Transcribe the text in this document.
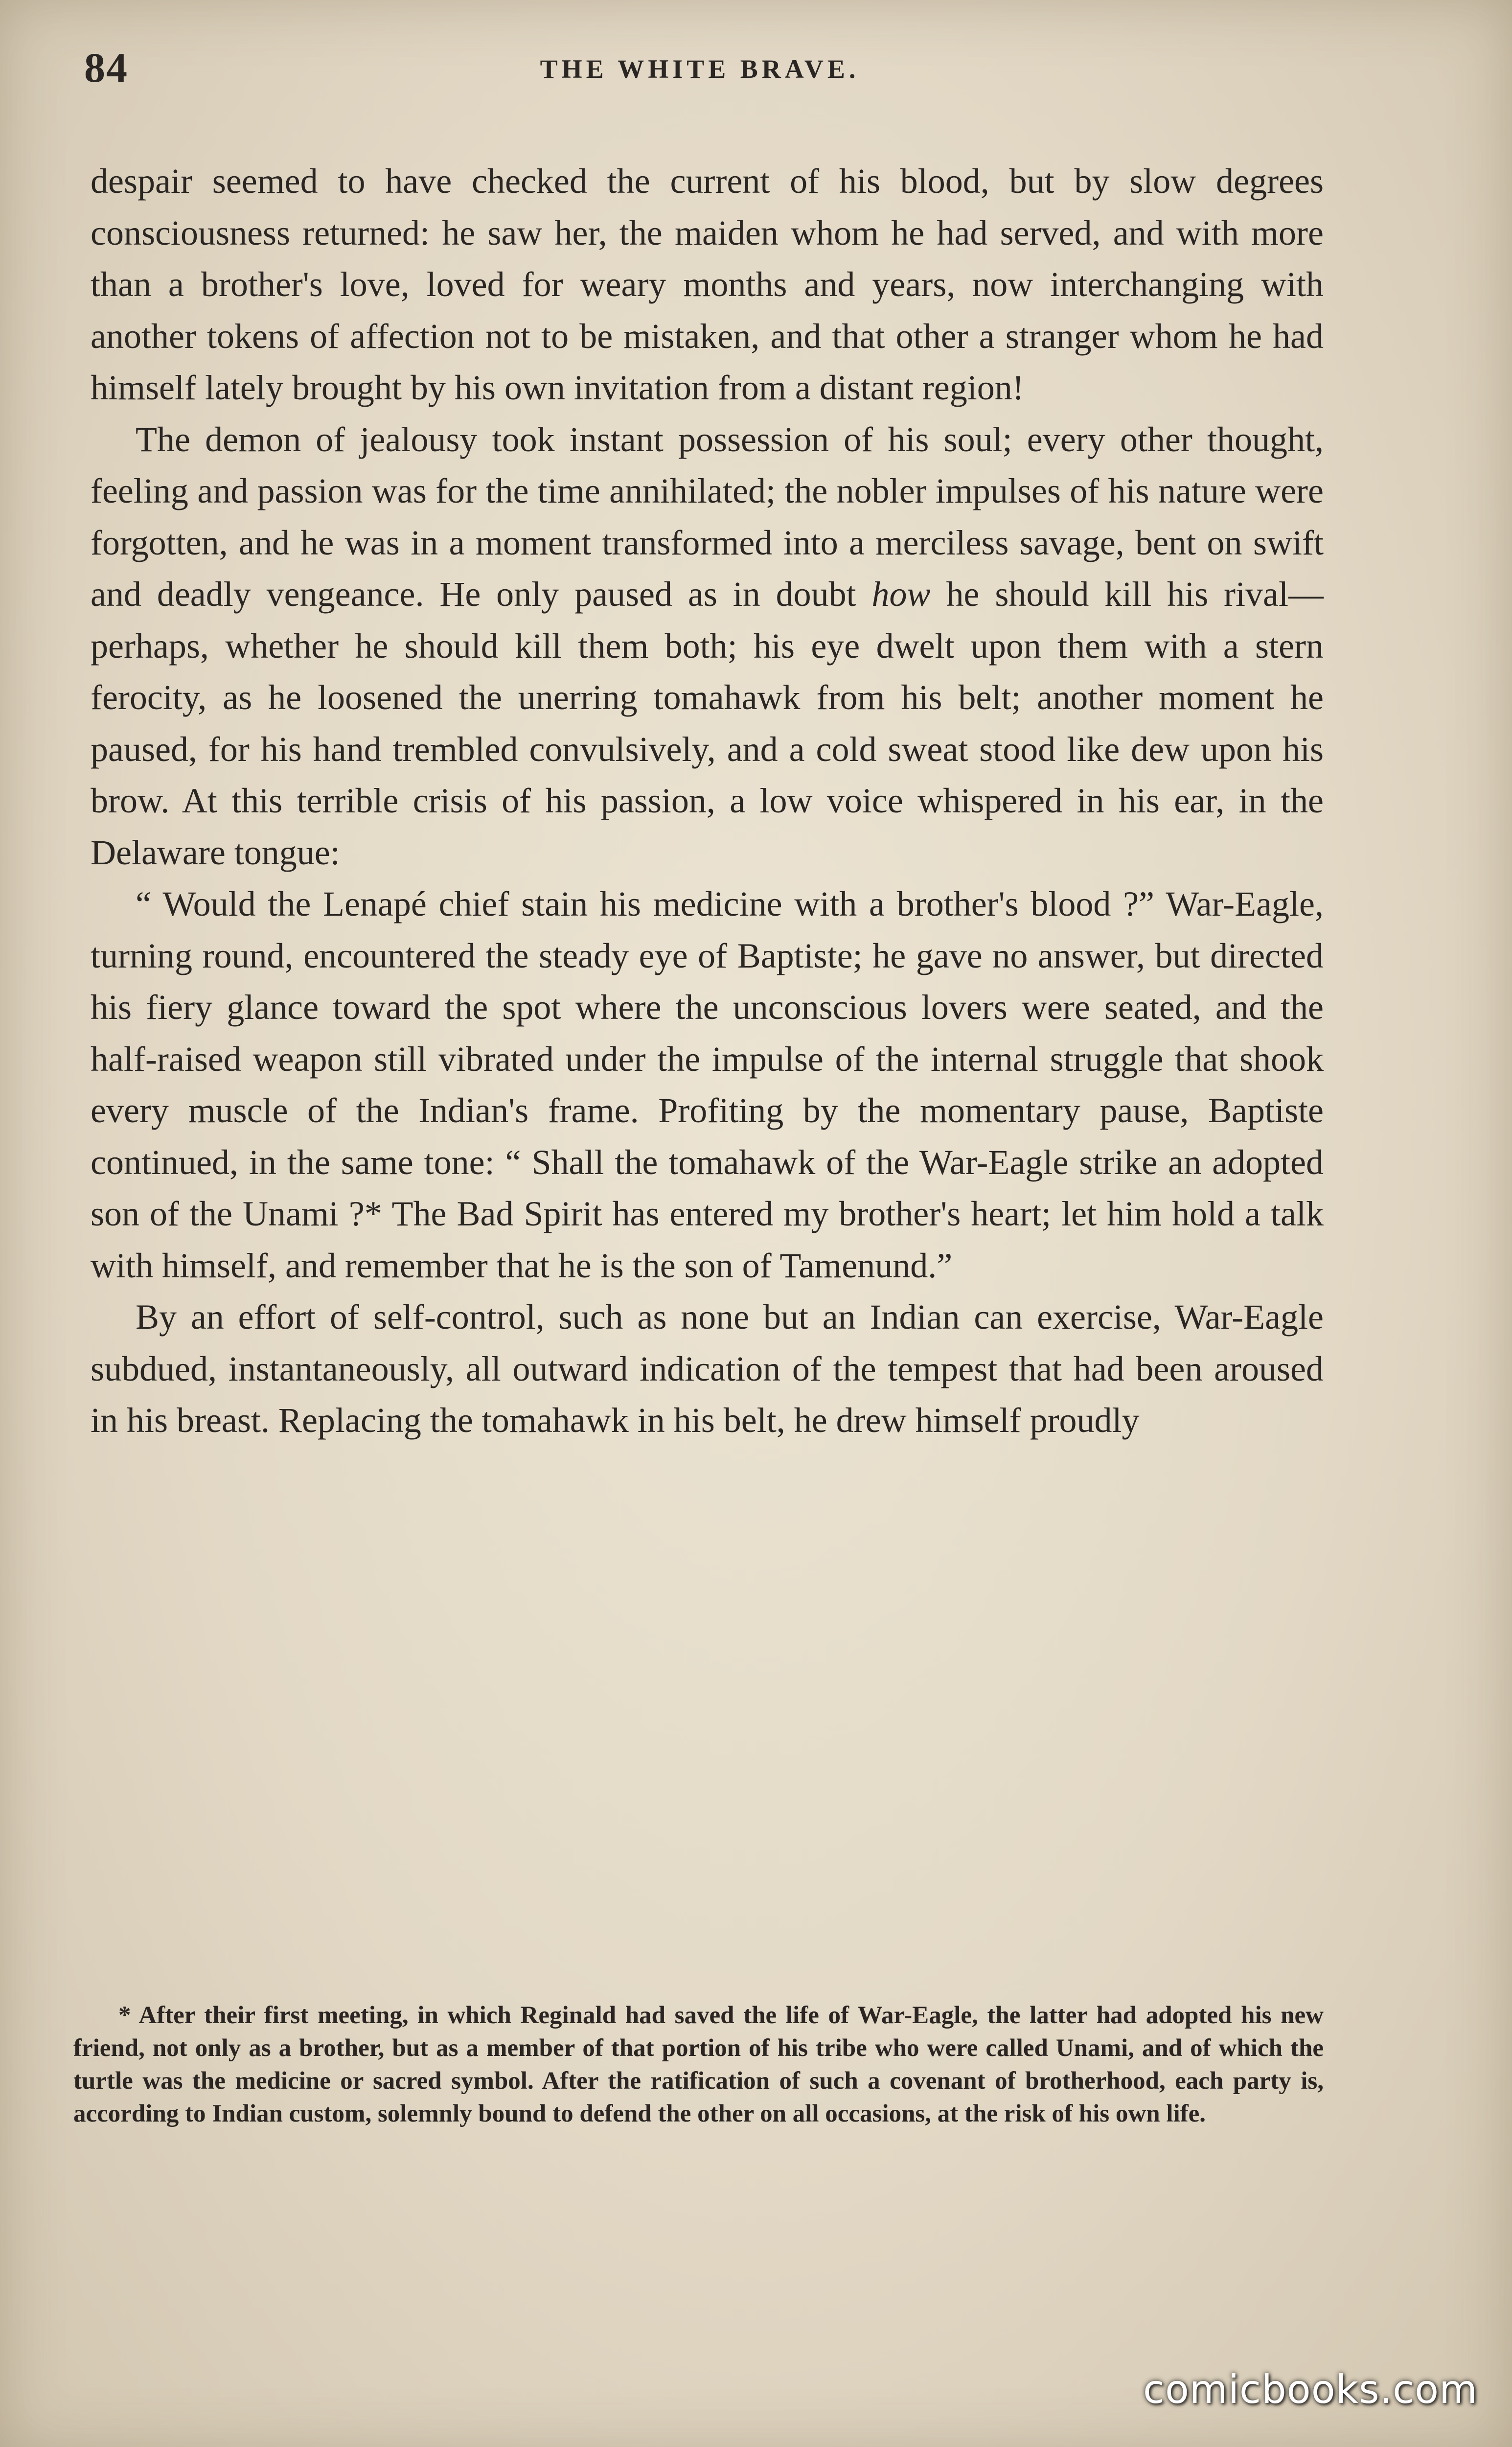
84	THE WHITE BRAVE.

despair seemed to have checked the current of his blood, but by slow degrees consciousness returned: he saw her, the maiden whom he had served, and with more than a brother's love, loved for weary months and years, now interchanging with another tokens of affection not to be mistaken, and that other a stranger whom he had himself lately brought by his own invitation from a distant region!

The demon of jealousy took instant possession of his soul; every other thought, feeling and passion was for the time annihilated; the nobler impulses of his nature were forgotten, and he was in a moment transformed into a merciless savage, bent on swift and deadly vengeance. He only paused as in doubt how he should kill his rival—perhaps, whether he should kill them both; his eye dwelt upon them with a stern ferocity, as he loosened the unerring tomahawk from his belt; another moment he paused, for his hand trembled convulsively, and a cold sweat stood like dew upon his brow. At this terrible crisis of his passion, a low voice whispered in his ear, in the Delaware tongue:

“ Would the Lenapé chief stain his medicine with a brother's blood ?” War-Eagle, turning round, encountered the steady eye of Baptiste; he gave no answer, but directed his fiery glance toward the spot where the unconscious lovers were seated, and the half-raised weapon still vibrated under the impulse of the internal struggle that shook every muscle of the Indian's frame. Profiting by the momentary pause, Baptiste continued, in the same tone: “ Shall the tomahawk of the War-Eagle strike an adopted son of the Unami ?* The Bad Spirit has entered my brother's heart; let him hold a talk with himself, and remember that he is the son of Tamenund.”

By an effort of self-control, such as none but an Indian can exercise, War-Eagle subdued, instantaneously, all outward indication of the tempest that had been aroused in his breast. Replacing the tomahawk in his belt, he drew himself proudly

* After their first meeting, in which Reginald had saved the life of War-Eagle, the latter had adopted his new friend, not only as a brother, but as a member of that portion of his tribe who were called Unami, and of which the turtle was the medicine or sacred symbol. After the ratification of such a covenant of brotherhood, each party is, according to Indian custom, solemnly bound to defend the other on all occasions, at the risk of his own life.
comicbooks.com
